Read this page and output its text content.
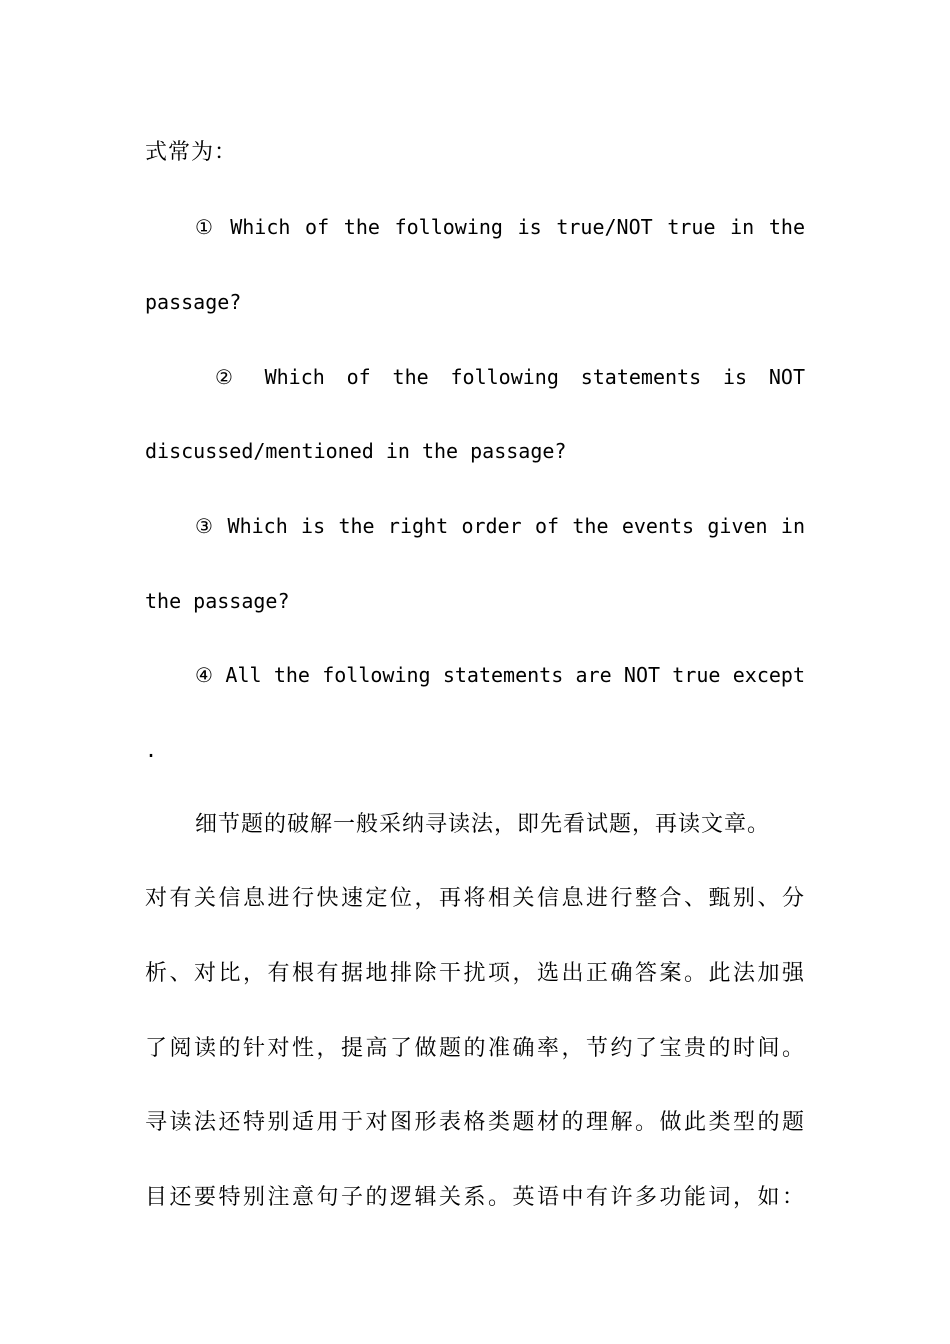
式常为：
① Which of the following is true/NOT true in the
passage?
② Which of the following statements is NOT
discussed/mentioned in the passage?
③ Which is the right order of the events given in
the passage?
④ All the following statements are NOT true except
.
细节题的破解一般采纳寻读法，即先看试题，再读文章。
对有关信息进行快速定位，再将相关信息进行整合、甄别、分
析、对比，有根有据地排除干扰项，选出正确答案。此法加强
了阅读的针对性，提高了做题的准确率，节约了宝贵的时间。
寻读法还特别适用于对图形表格类题材的理解。做此类型的题
目还要特别注意句子的逻辑关系。英语中有许多功能词，如：
